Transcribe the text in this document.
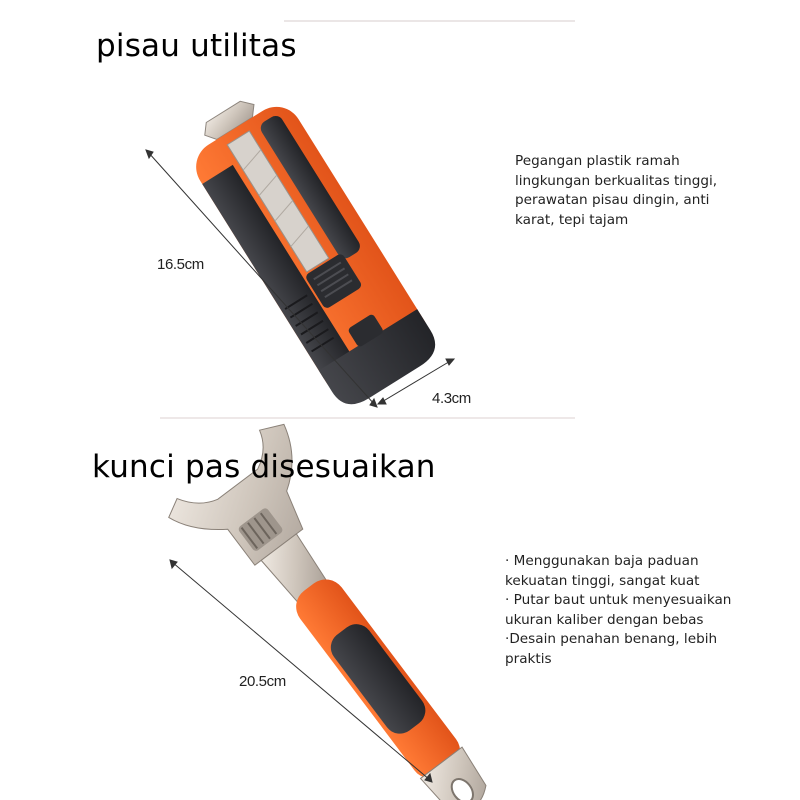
pisau utilitas
kunci pas disesuaikan
Pegangan plastik ramah
lingkungan berkualitas tinggi,
perawatan pisau dingin, anti
karat, tepi tajam
· Menggunakan baja paduan
kekuatan tinggi, sangat kuat
· Putar baut untuk menyesuaikan
ukuran kaliber dengan bebas
·Desain penahan benang, lebih
praktis
16.5cm
4.3cm
20.5cm
